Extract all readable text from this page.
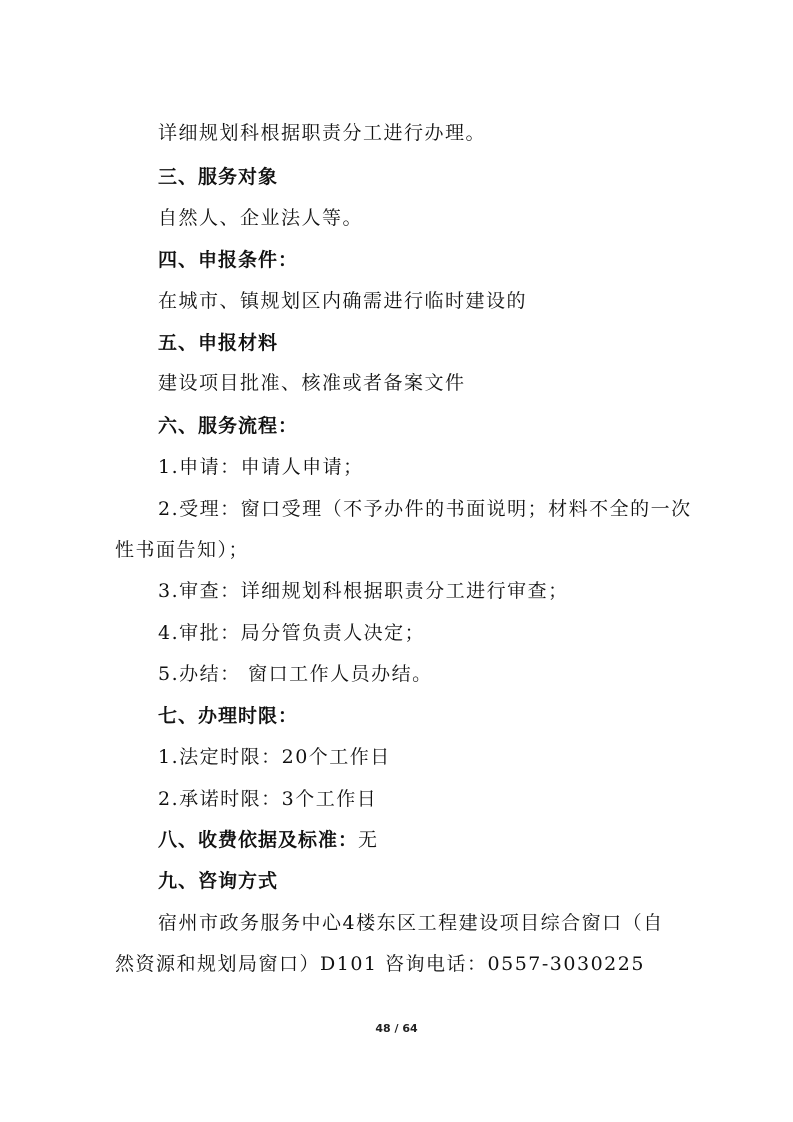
详细规划科根据职责分工进行办理。
三、服务对象
自然人、企业法人等。
四、申报条件：
在城市、镇规划区内确需进行临时建设的
五、申报材料
建设项目批准、核准或者备案文件
六、服务流程：
1.申请：申请人申请；
2.受理：窗口受理（不予办件的书面说明；材料不全的一次
性书面告知）；
3.审查：详细规划科根据职责分工进行审查；
4.审批：局分管负责人决定；
5.办结： 窗口工作人员办结。
七、办理时限：
1.法定时限：20个工作日
2.承诺时限：3个工作日
八、收费依据及标准：无
九、咨询方式
宿州市政务服务中心4楼东区工程建设项目综合窗口（自
然资源和规划局窗口）D101 咨询电话：0557-3030225
48 / 64
